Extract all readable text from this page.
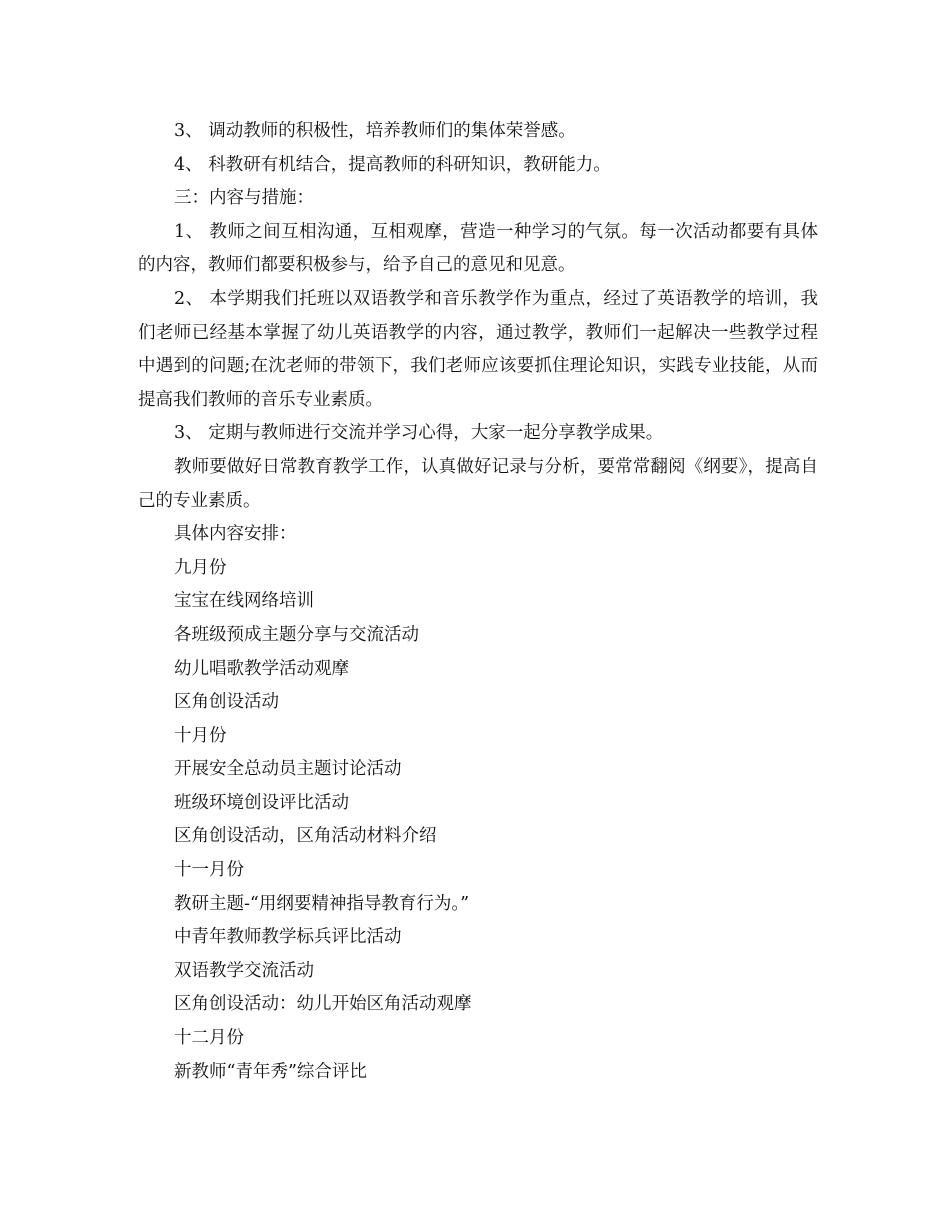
3、 调动教师的积极性，培养教师们的集体荣誉感。

4、 科教研有机结合，提高教师的科研知识，教研能力。

三：内容与措施：

1、 教师之间互相沟通，互相观摩，营造一种学习的气氛。每一次活动都要有具体的内容，教师们都要积极参与，给予自己的意见和见意。

2、 本学期我们托班以双语教学和音乐教学作为重点，经过了英语教学的培训，我们老师已经基本掌握了幼儿英语教学的内容，通过教学，教师们一起解决一些教学过程中遇到的问题;在沈老师的带领下，我们老师应该要抓住理论知识，实践专业技能，从而提高我们教师的音乐专业素质。

3、 定期与教师进行交流并学习心得，大家一起分享教学成果。

教师要做好日常教育教学工作，认真做好记录与分析，要常常翻阅《纲要》，提高自己的专业素质。

具体内容安排：

九月份

宝宝在线网络培训

各班级预成主题分享与交流活动

幼儿唱歌教学活动观摩

区角创设活动

十月份

开展安全总动员主题讨论活动

班级环境创设评比活动

区角创设活动，区角活动材料介绍

十一月份

教研主题-“用纲要精神指导教育行为。”

中青年教师教学标兵评比活动

双语教学交流活动

区角创设活动：幼儿开始区角活动观摩

十二月份

新教师“青年秀”综合评比
